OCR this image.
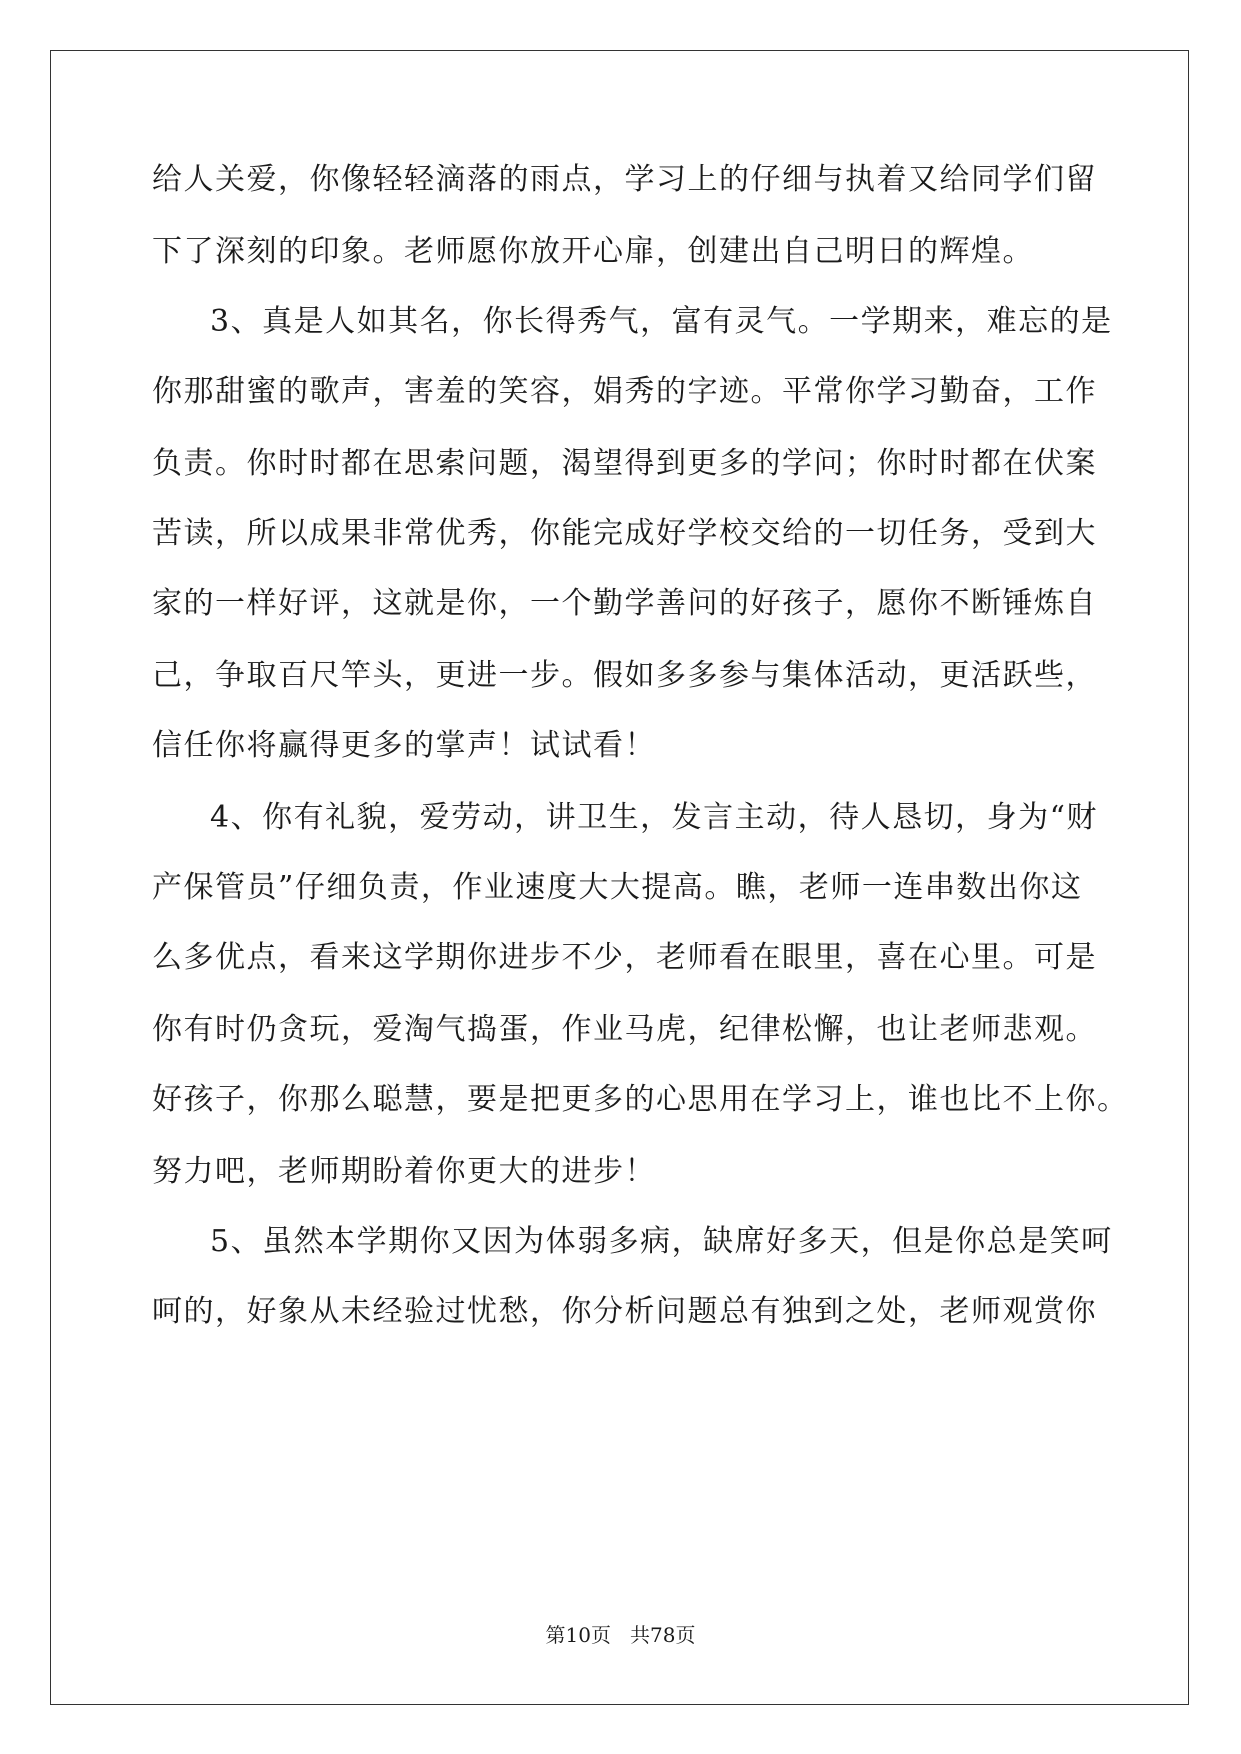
给人关爱，你像轻轻滴落的雨点，学习上的仔细与执着又给同学们留
下了深刻的印象。老师愿你放开心扉，创建出自己明日的辉煌。
3、真是人如其名，你长得秀气，富有灵气。一学期来，难忘的是
你那甜蜜的歌声，害羞的笑容，娟秀的字迹。平常你学习勤奋，工作
负责。你时时都在思索问题，渴望得到更多的学问；你时时都在伏案
苦读，所以成果非常优秀，你能完成好学校交给的一切任务，受到大
家的一样好评，这就是你，一个勤学善问的好孩子，愿你不断锤炼自
己，争取百尺竿头，更进一步。假如多多参与集体活动，更活跃些，
信任你将赢得更多的掌声！试试看！
4、你有礼貌，爱劳动，讲卫生，发言主动，待人恳切，身为“财
产保管员”仔细负责，作业速度大大提高。瞧，老师一连串数出你这
么多优点，看来这学期你进步不少，老师看在眼里，喜在心里。可是
你有时仍贪玩，爱淘气捣蛋，作业马虎，纪律松懈，也让老师悲观。
好孩子，你那么聪慧，要是把更多的心思用在学习上，谁也比不上你。
努力吧，老师期盼着你更大的进步！
5、虽然本学期你又因为体弱多病，缺席好多天，但是你总是笑呵
呵的，好象从未经验过忧愁，你分析问题总有独到之处，老师观赏你
第10页   共78页
